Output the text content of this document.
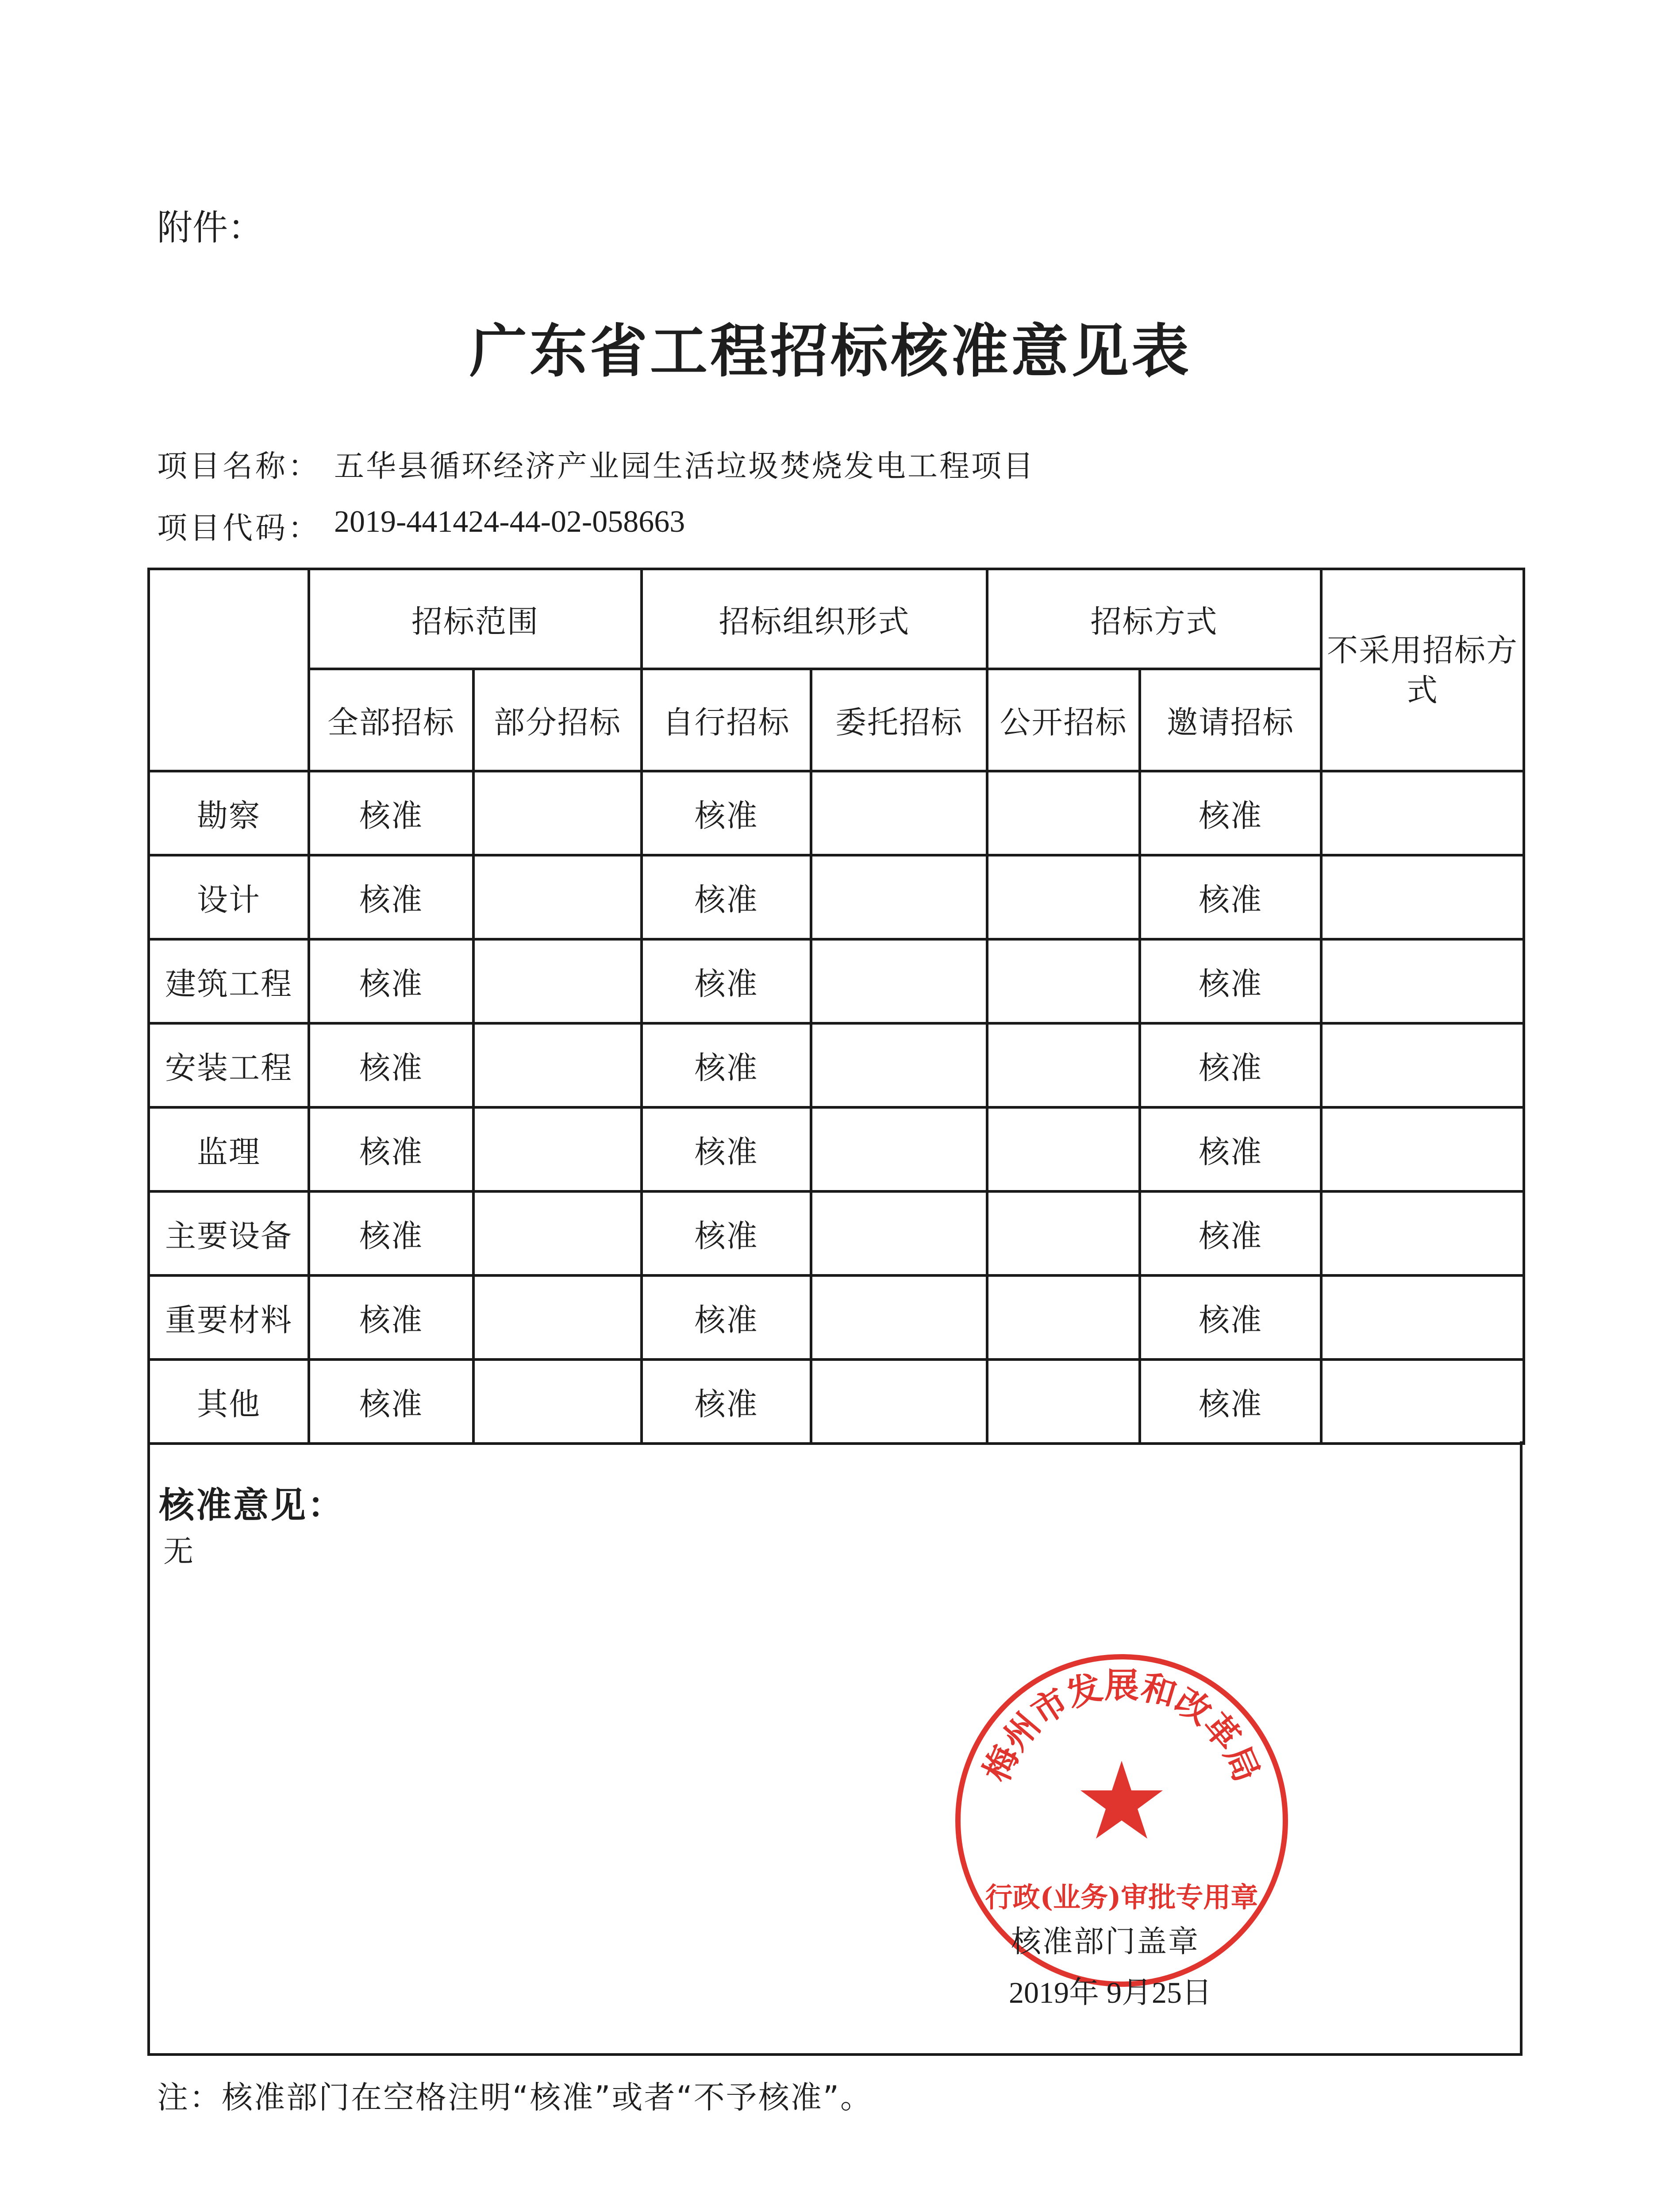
附件：
广东省工程招标核准意见表
项目名称： 五华县循环经济产业园生活垃圾焚烧发电工程项目
项目代码： 2019-441424-44-02-058663
	招标范围		招标组织形式		招标方式		不采用招标方式
	全部招标	部分招标	自行招标	委托招标	公开招标	邀请招标	
勘察	核准		核准			核准	
设计	核准		核准			核准	
建筑工程	核准		核准			核准	
安装工程	核准		核准			核准	
监理	核准		核准			核准	
主要设备	核准		核准			核准	
重要材料	核准		核准			核准	
其他	核准		核准			核准	
核准意见：
无
梅州市发展和改革局
行政(业务)审批专用章
核准部门盖章
2019年 9月25日
注：核准部门在空格注明“核准”或者“不予核准”。
